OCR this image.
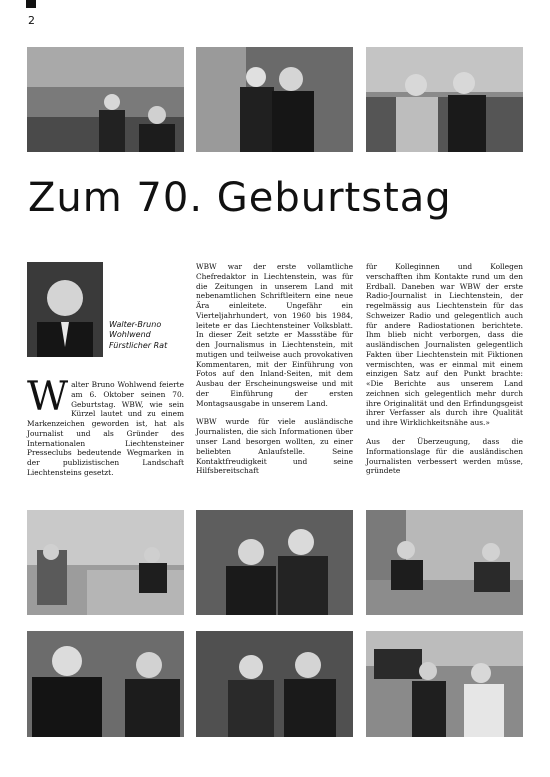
2
Zum 70. Geburtstag
Walter-Bruno
Wohlwend
Fürstlicher Rat
W alter Bruno Wohlwend feierte am 6. Oktober seinen 70. Geburtstag. WBW, wie sein Kürzel lautet und zu einem Markenzeichen geworden ist, hat als Journalist und als Gründer des Internationalen Liechtensteiner Presseclubs bedeutende Wegmarken in der publizistischen Landschaft Liechtensteins gesetzt.

WBW war der erste vollamtliche Chefredaktor in Liechtenstein, was für die Zeitungen in unserem Land mit nebenamtlichen Schriftleitern eine neue Ära einleitete. Ungefähr ein Vierteljahrhundert, von 1960 bis 1984, leitete er das Liechtensteiner Volksblatt. In dieser Zeit setzte er Massstäbe für den Journalismus in Liechtenstein, mit mutigen und teilweise auch provokativen Kommentaren, mit der Einführung von Fotos auf den Inland-Seiten, mit dem Ausbau der Erscheinungsweise und mit der Einführung der ersten Montagsausgabe in unserem Land.

WBW wurde für viele ausländische Journalisten, die sich Informationen über unser Land besorgen wollten, zu einer beliebten Anlaufstelle. Seine Kontaktfreudigkeit und seine Hilfsbereitschaft

für Kolleginnen und Kollegen verschafften ihm Kontakte rund um den Erdball. Daneben war WBW der erste Radio-Journalist in Liechtenstein, der regelmässig aus Liechtenstein für das Schweizer Radio und gelegentlich auch für andere Radiostationen berichtete. Ihm blieb nicht verborgen, dass die ausländischen Journalisten gelegentlich Fakten über Liechtenstein mit Fiktionen vermischten, was er einmal mit einem einzigen Satz auf den Punkt brachte: «Die Berichte aus unserem Land zeichnen sich gelegentlich mehr durch ihre Originalität und den Erfindungsgeist ihrer Verfasser als durch ihre Qualität und ihre Wirklichkeitsnähe aus.»

Aus der Überzeugung, dass die Informationslage für die ausländischen Journalisten verbessert werden müsse, gründete
